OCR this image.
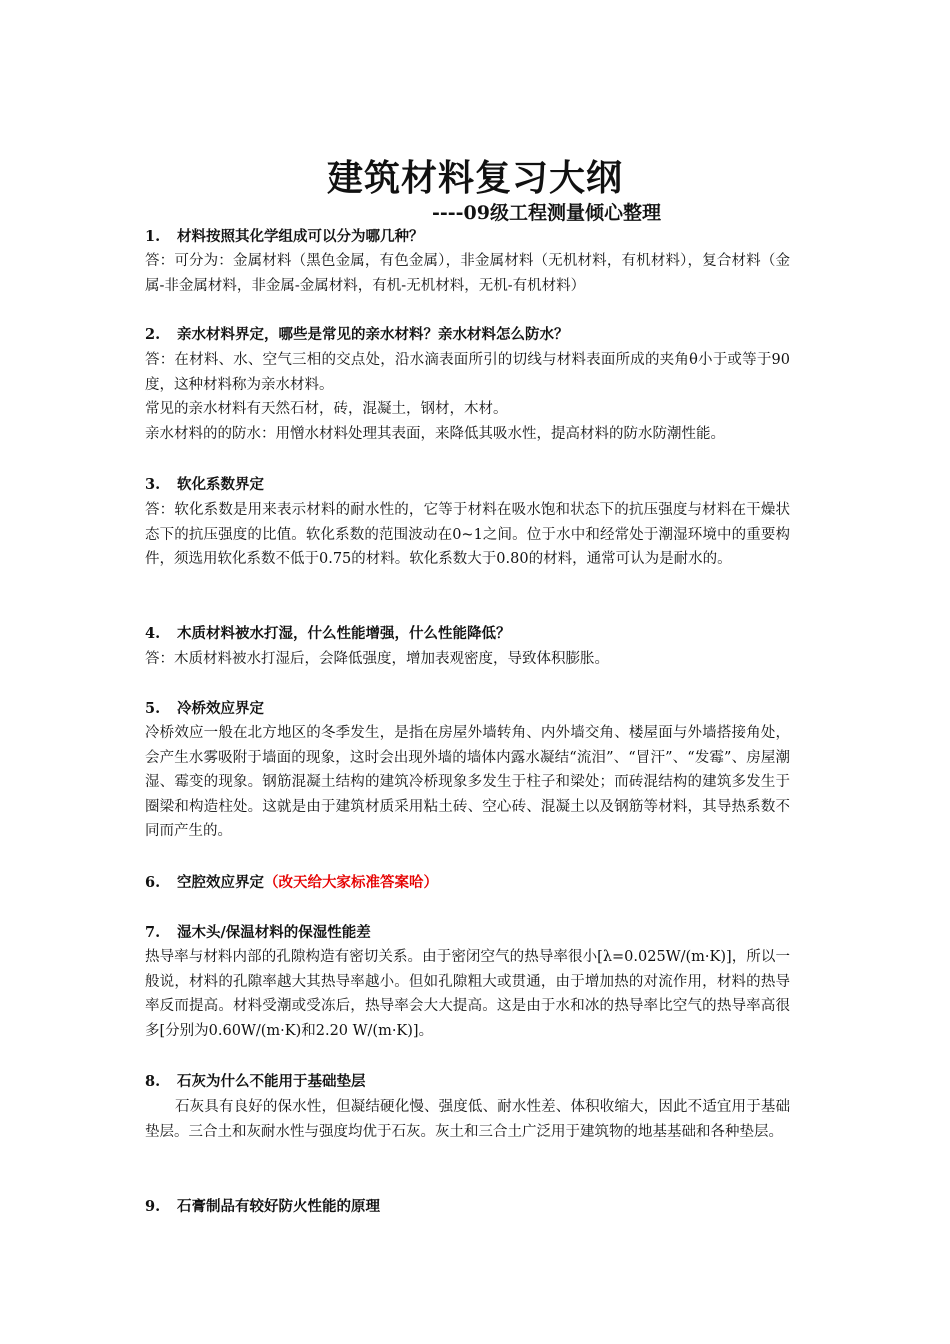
建筑材料复习大纲
----09级工程测量倾心整理
1. 材料按照其化学组成可以分为哪几种？

答：可分为：金属材料（黑色金属，有色金属），非金属材料（无机材料，有机材料），复合材料（金属-非金属材料，非金属-金属材料，有机-无机材料，无机-有机材料）

2. 亲水材料界定，哪些是常见的亲水材料？亲水材料怎么防水？

答：在材料、水、空气三相的交点处，沿水滴表面所引的切线与材料表面所成的夹角θ小于或等于90度，这种材料称为亲水材料。

常见的亲水材料有天然石材，砖，混凝土，钢材，木材。

亲水材料的的防水：用憎水材料处理其表面，来降低其吸水性，提高材料的防水防潮性能。

3. 软化系数界定

答：软化系数是用来表示材料的耐水性的，它等于材料在吸水饱和状态下的抗压强度与材料在干燥状态下的抗压强度的比值。软化系数的范围波动在0~1之间。位于水中和经常处于潮湿环境中的重要构件，须选用软化系数不低于0.75的材料。软化系数大于0.80的材料，通常可认为是耐水的。

4. 木质材料被水打湿，什么性能增强，什么性能降低？

答：木质材料被水打湿后，会降低强度，增加表观密度，导致体积膨胀。

5. 冷桥效应界定

冷桥效应一般在北方地区的冬季发生，是指在房屋外墙转角、内外墙交角、楼屋面与外墙搭接角处，会产生水雾吸附于墙面的现象，这时会出现外墙的墙体内露水凝结“流泪”、“冒汗”、“发霉”、房屋潮湿、霉变的现象。钢筋混凝土结构的建筑冷桥现象多发生于柱子和梁处；而砖混结构的建筑多发生于圈梁和构造柱处。这就是由于建筑材质采用粘土砖、空心砖、混凝土以及钢筋等材料，其导热系数不同而产生的。

6. 空腔效应界定（改天给大家标准答案哈）
7. 湿木头/保温材料的保湿性能差

热导率与材料内部的孔隙构造有密切关系。由于密闭空气的热导率很小[λ=0.025W/(m·K)]，所以一般说，材料的孔隙率越大其热导率越小。但如孔隙粗大或贯通，由于增加热的对流作用，材料的热导率反而提高。材料受潮或受冻后，热导率会大大提高。这是由于水和冰的热导率比空气的热导率高很多[分别为0.60W/(m·K)和2.20 W/(m·K)]。

8. 石灰为什么不能用于基础垫层

石灰具有良好的保水性，但凝结硬化慢、强度低、耐水性差、体积收缩大，因此不适宜用于基础垫层。三合土和灰耐水性与强度均优于石灰。灰土和三合土广泛用于建筑物的地基基础和各种垫层。

9. 石膏制品有较好防火性能的原理
